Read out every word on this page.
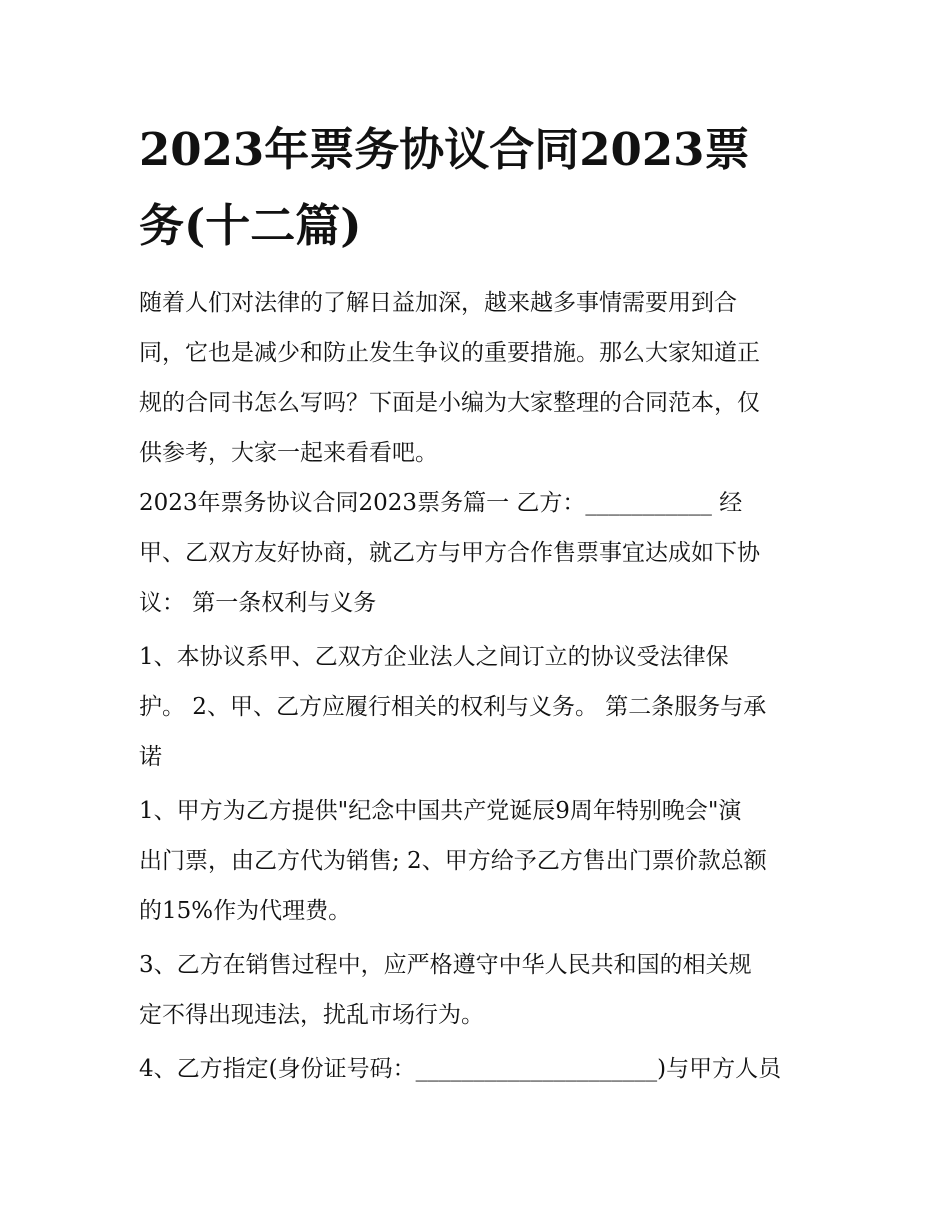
2023年票务协议合同2023票
务(十二篇)
随着人们对法律的了解日益加深，越来越多事情需要用到合
同，它也是减少和防止发生争议的重要措施。那么大家知道正
规的合同书怎么写吗？下面是小编为大家整理的合同范本，仅
供参考，大家一起来看看吧。
2023年票务协议合同2023票务篇一 乙方：___________ 经
甲、乙双方友好协商，就乙方与甲方合作售票事宜达成如下协
议： 第一条权利与义务
1、本协议系甲、乙双方企业法人之间订立的协议受法律保
护。 2、甲、乙方应履行相关的权利与义务。 第二条服务与承
诺
1、甲方为乙方提供"纪念中国共产党诞辰9周年特别晚会"演
出门票，由乙方代为销售; 2、甲方给予乙方售出门票价款总额
的15%作为代理费。
3、乙方在销售过程中，应严格遵守中华人民共和国的相关规
定不得出现违法，扰乱市场行为。
4、乙方指定(身份证号码：_____________________)与甲方人员
